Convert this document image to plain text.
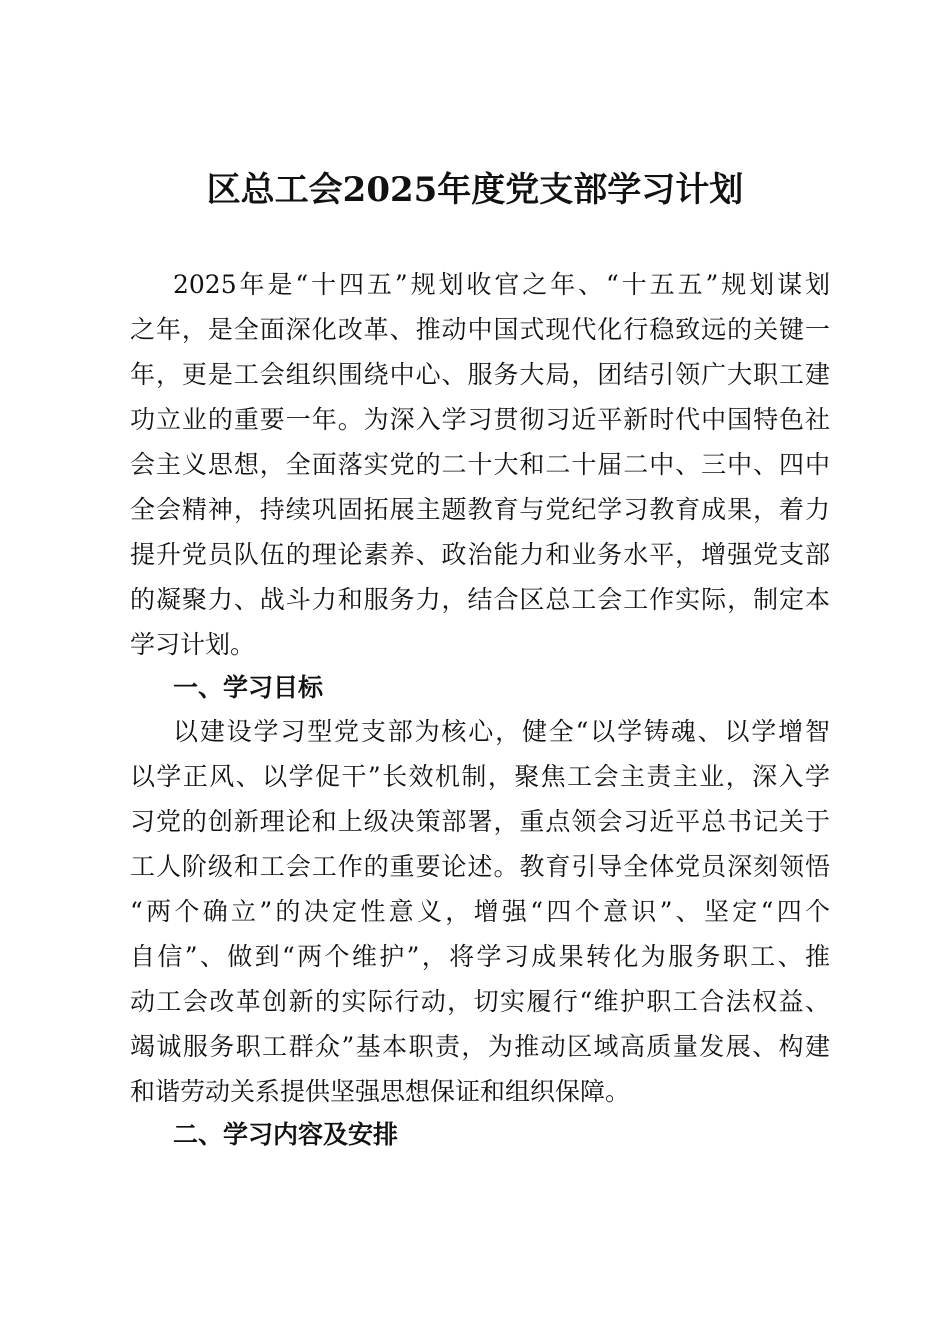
区总工会2025年度党支部学习计划
2025年是“十四五”规划收官之年、“十五五”规划谋划
之年，是全面深化改革、推动中国式现代化行稳致远的关键一
年，更是工会组织围绕中心、服务大局，团结引领广大职工建
功立业的重要一年。为深入学习贯彻习近平新时代中国特色社
会主义思想，全面落实党的二十大和二十届二中、三中、四中
全会精神，持续巩固拓展主题教育与党纪学习教育成果，着力
提升党员队伍的理论素养、政治能力和业务水平，增强党支部
的凝聚力、战斗力和服务力，结合区总工会工作实际，制定本
学习计划。
一、学习目标
以建设学习型党支部为核心，健全“以学铸魂、以学增智
以学正风、以学促干”长效机制，聚焦工会主责主业，深入学
习党的创新理论和上级决策部署，重点领会习近平总书记关于
工人阶级和工会工作的重要论述。教育引导全体党员深刻领悟
“两个确立”的决定性意义，增强“四个意识”、坚定“四个
自信”、做到“两个维护”，将学习成果转化为服务职工、推
动工会改革创新的实际行动，切实履行“维护职工合法权益、
竭诚服务职工群众”基本职责，为推动区域高质量发展、构建
和谐劳动关系提供坚强思想保证和组织保障。
二、学习内容及安排
